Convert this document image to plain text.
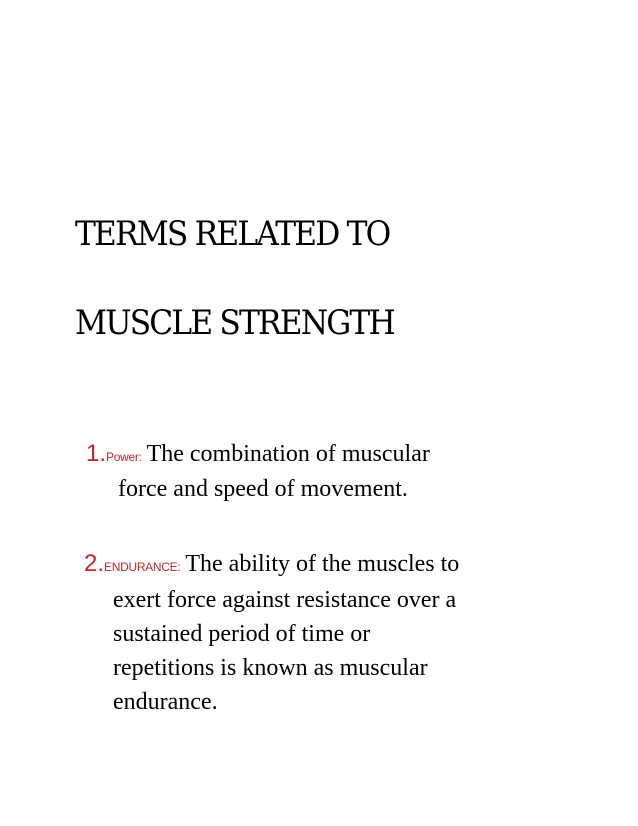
TERMS RELATED TO
MUSCLE STRENGTH
1.Power: The combination of muscular
force and speed of movement.
2.ENDURANCE: The ability of the muscles to
exert force against resistance over a
sustained period of time or
repetitions is known as muscular
endurance.
